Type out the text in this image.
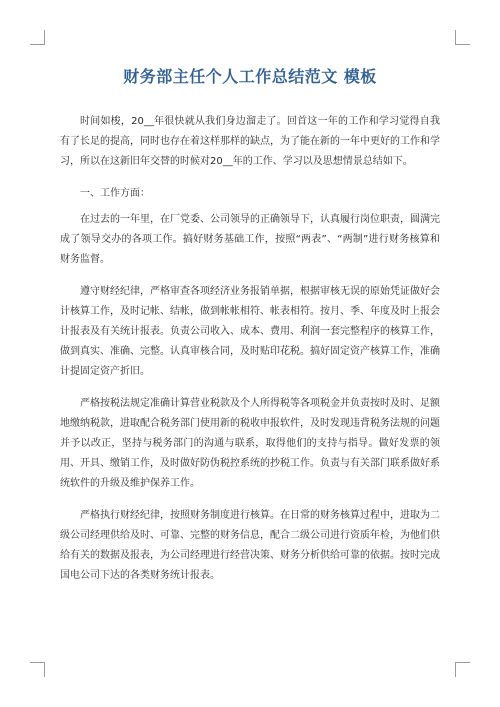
财务部主任个人工作总结范文 模板

时间如梭，20__年很快就从我们身边溜走了。回首这一年的工作和学习觉得自我有了长足的提高，同时也存在着这样那样的缺点，为了能在新的一年中更好的工作和学习，所以在这新旧年交替的时候对20__年的工作、学习以及思想情景总结如下。

一、工作方面：

在过去的一年里，在厂党委、公司领导的正确领导下，认真履行岗位职责，圆满完成了领导交办的各项工作。搞好财务基础工作，按照“两表”、“两制”进行财务核算和财务监督。

遵守财经纪律，严格审查各项经济业务报销单据，根据审核无误的原始凭证做好会计核算工作，及时记帐、结帐，做到帐帐相符、帐表相符。按月、季、年度及时上报会计报表及有关统计报表。负责公司收入、成本、费用、利润一套完整程序的核算工作，做到真实、准确、完整。认真审核合同，及时贴印花税。搞好固定资产核算工作，准确计提固定资产折旧。

严格按税法规定准确计算营业税款及个人所得税等各项税金并负责按时及时、足额地缴纳税款，进取配合税务部门使用新的税收申报软件，及时发现违背税务法规的问题并予以改正，坚持与税务部门的沟通与联系，取得他们的支持与指导。做好发票的领用、开具、缴销工作，及时做好防伪税控系统的抄税工作。负责与有关部门联系做好系统软件的升级及维护保养工作。

严格执行财经纪律，按照财务制度进行核算。在日常的财务核算过程中，进取为二级公司经理供给及时、可靠、完整的财务信息，配合二级公司进行资质年检，为他们供给有关的数据及报表，为公司经理进行经营决策、财务分析供给可靠的依据。按时完成国电公司下达的各类财务统计报表。
